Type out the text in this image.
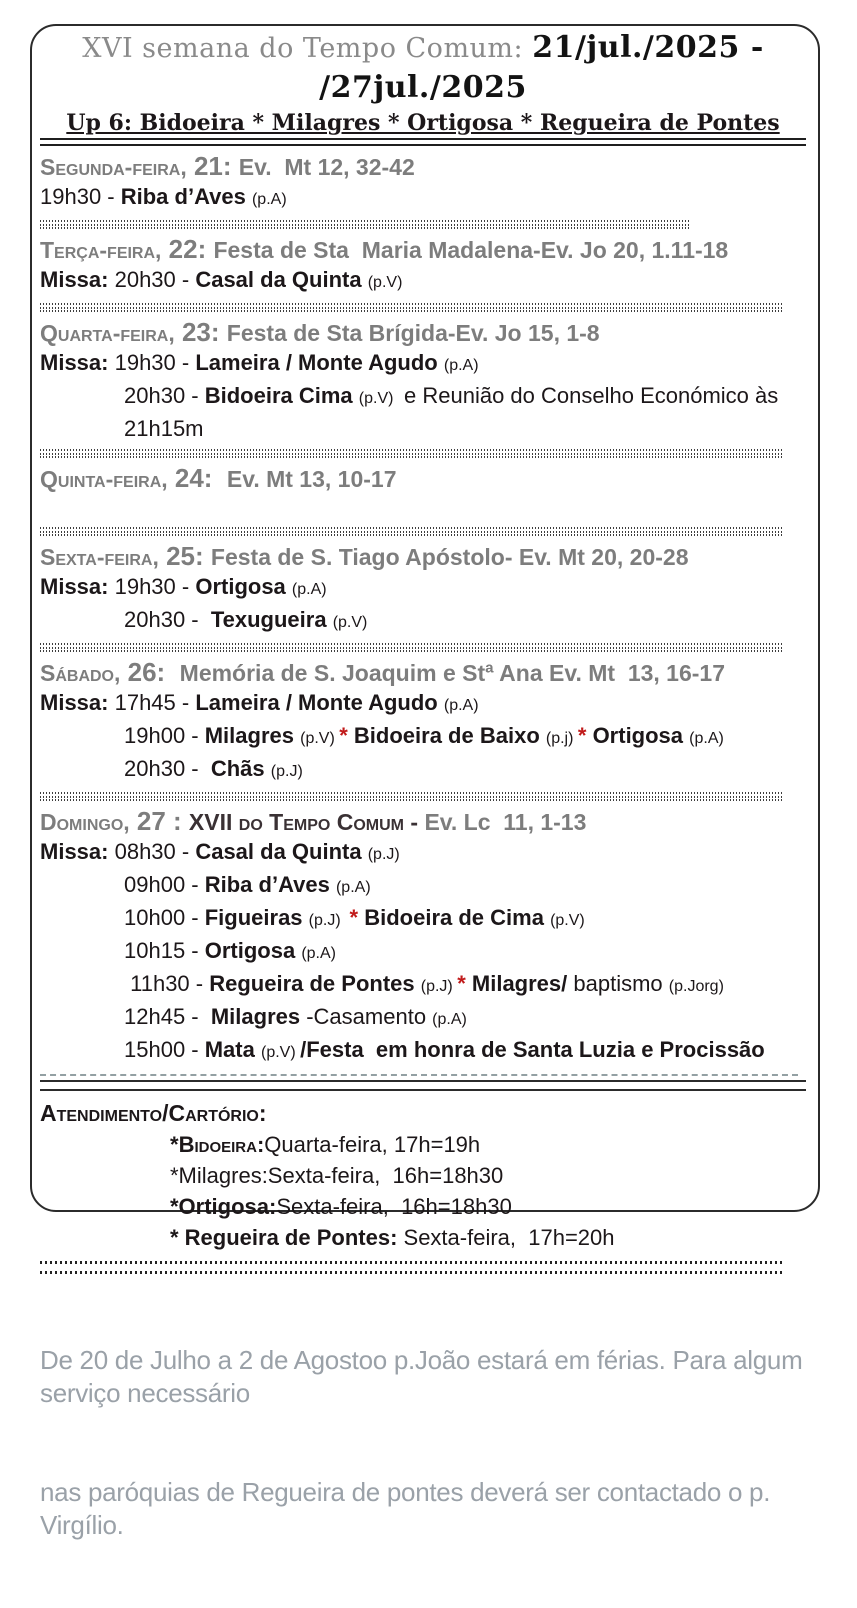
XVI semana do Tempo Comum: 21/jul./2025 - /27jul./2025
Up 6: Bidoeira * Milagres * Ortigosa * Regueira de Pontes
Segunda-feira, 21: Ev.  Mt 12, 32-42
19h30 - Riba d’Aves (p.A)
Terça-feira, 22: Festa de Sta  Maria Madalena-Ev. Jo 20, 1.11-18
Missa: 20h30 - Casal da Quinta (p.V)
Quarta-feira, 23: Festa de Sta Brígida-Ev. Jo 15, 1-8
Missa: 19h30 - Lameira / Monte Agudo (p.A)
20h30 - Bidoeira Cima (p.V)  e Reunião do Conselho Económico às 21h15m
Quinta-feira, 24:  Ev. Mt 13, 10-17
Sexta-feira, 25: Festa de S. Tiago Apóstolo- Ev. Mt 20, 20-28
Missa: 19h30 - Ortigosa (p.A)
20h30 -  Texugueira (p.V)
Sábado, 26:  Memória de S. Joaquim e Stª Ana Ev. Mt  13, 16-17
Missa: 17h45 - Lameira / Monte Agudo (p.A)
19h00 - Milagres (p.V) * Bidoeira de Baixo (p.j) * Ortigosa (p.A)
20h30 -  Chãs (p.J)
Domingo, 27 : XVII do Tempo Comum - Ev. Lc  11, 1-13
Missa: 08h30 - Casal da Quinta (p.J)
09h00 - Riba d’Aves (p.A)
10h00 - Figueiras (p.J)  * Bidoeira de Cima (p.V)
10h15 - Ortigosa (p.A)
11h30 - Regueira de Pontes (p.J) * Milagres/ baptismo (p.Jorg)
12h45 -  Milagres -Casamento (p.A)
15h00 - Mata (p.V) /Festa  em honra de Santa Luzia e Procissão
Atendimento/Cartório:
*Bidoeira:Quarta-feira, 17h=19h
*Milagres:Sexta-feira,  16h=18h30
*Ortigosa:Sexta-feira,  16h=18h30
* Regueira de Pontes: Sexta-feira,  17h=20h

De 20 de Julho a 2 de Agostoo p.João estará em férias. Para algum serviço necessário

nas paróquias de Regueira de pontes deverá ser contactado o p. Virgílio.
